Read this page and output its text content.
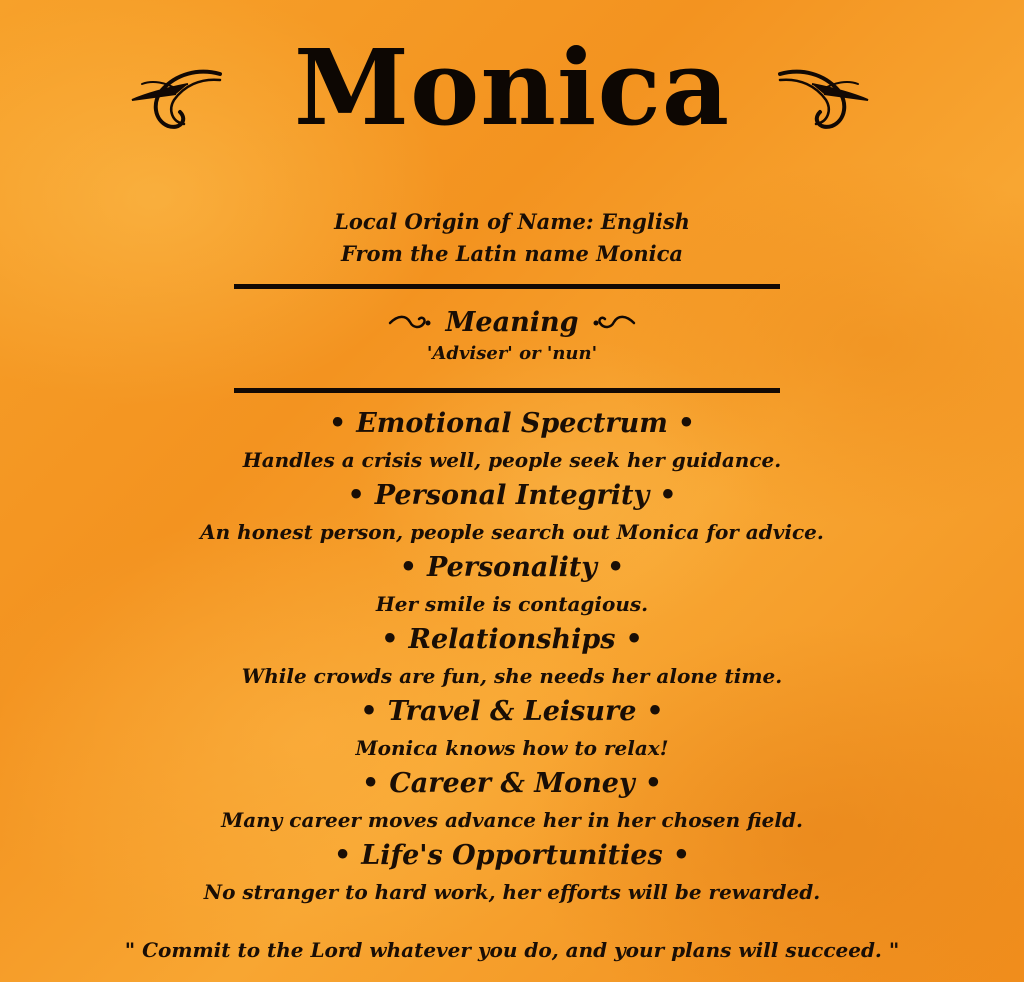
Monica
Local Origin of Name: English
From the Latin name Monica
Meaning
'Adviser' or 'nun'
• Emotional Spectrum •
Handles a crisis well, people seek her guidance.
• Personal Integrity •
An honest person, people search out Monica for advice.
• Personality •
Her smile is contagious.
• Relationships •
While crowds are fun, she needs her alone time.
• Travel & Leisure •
Monica knows how to relax!
• Career & Money •
Many career moves advance her in her chosen field.
• Life's Opportunities •
No stranger to hard work, her efforts will be rewarded.
" Commit to the Lord whatever you do, and your plans will succeed. "
